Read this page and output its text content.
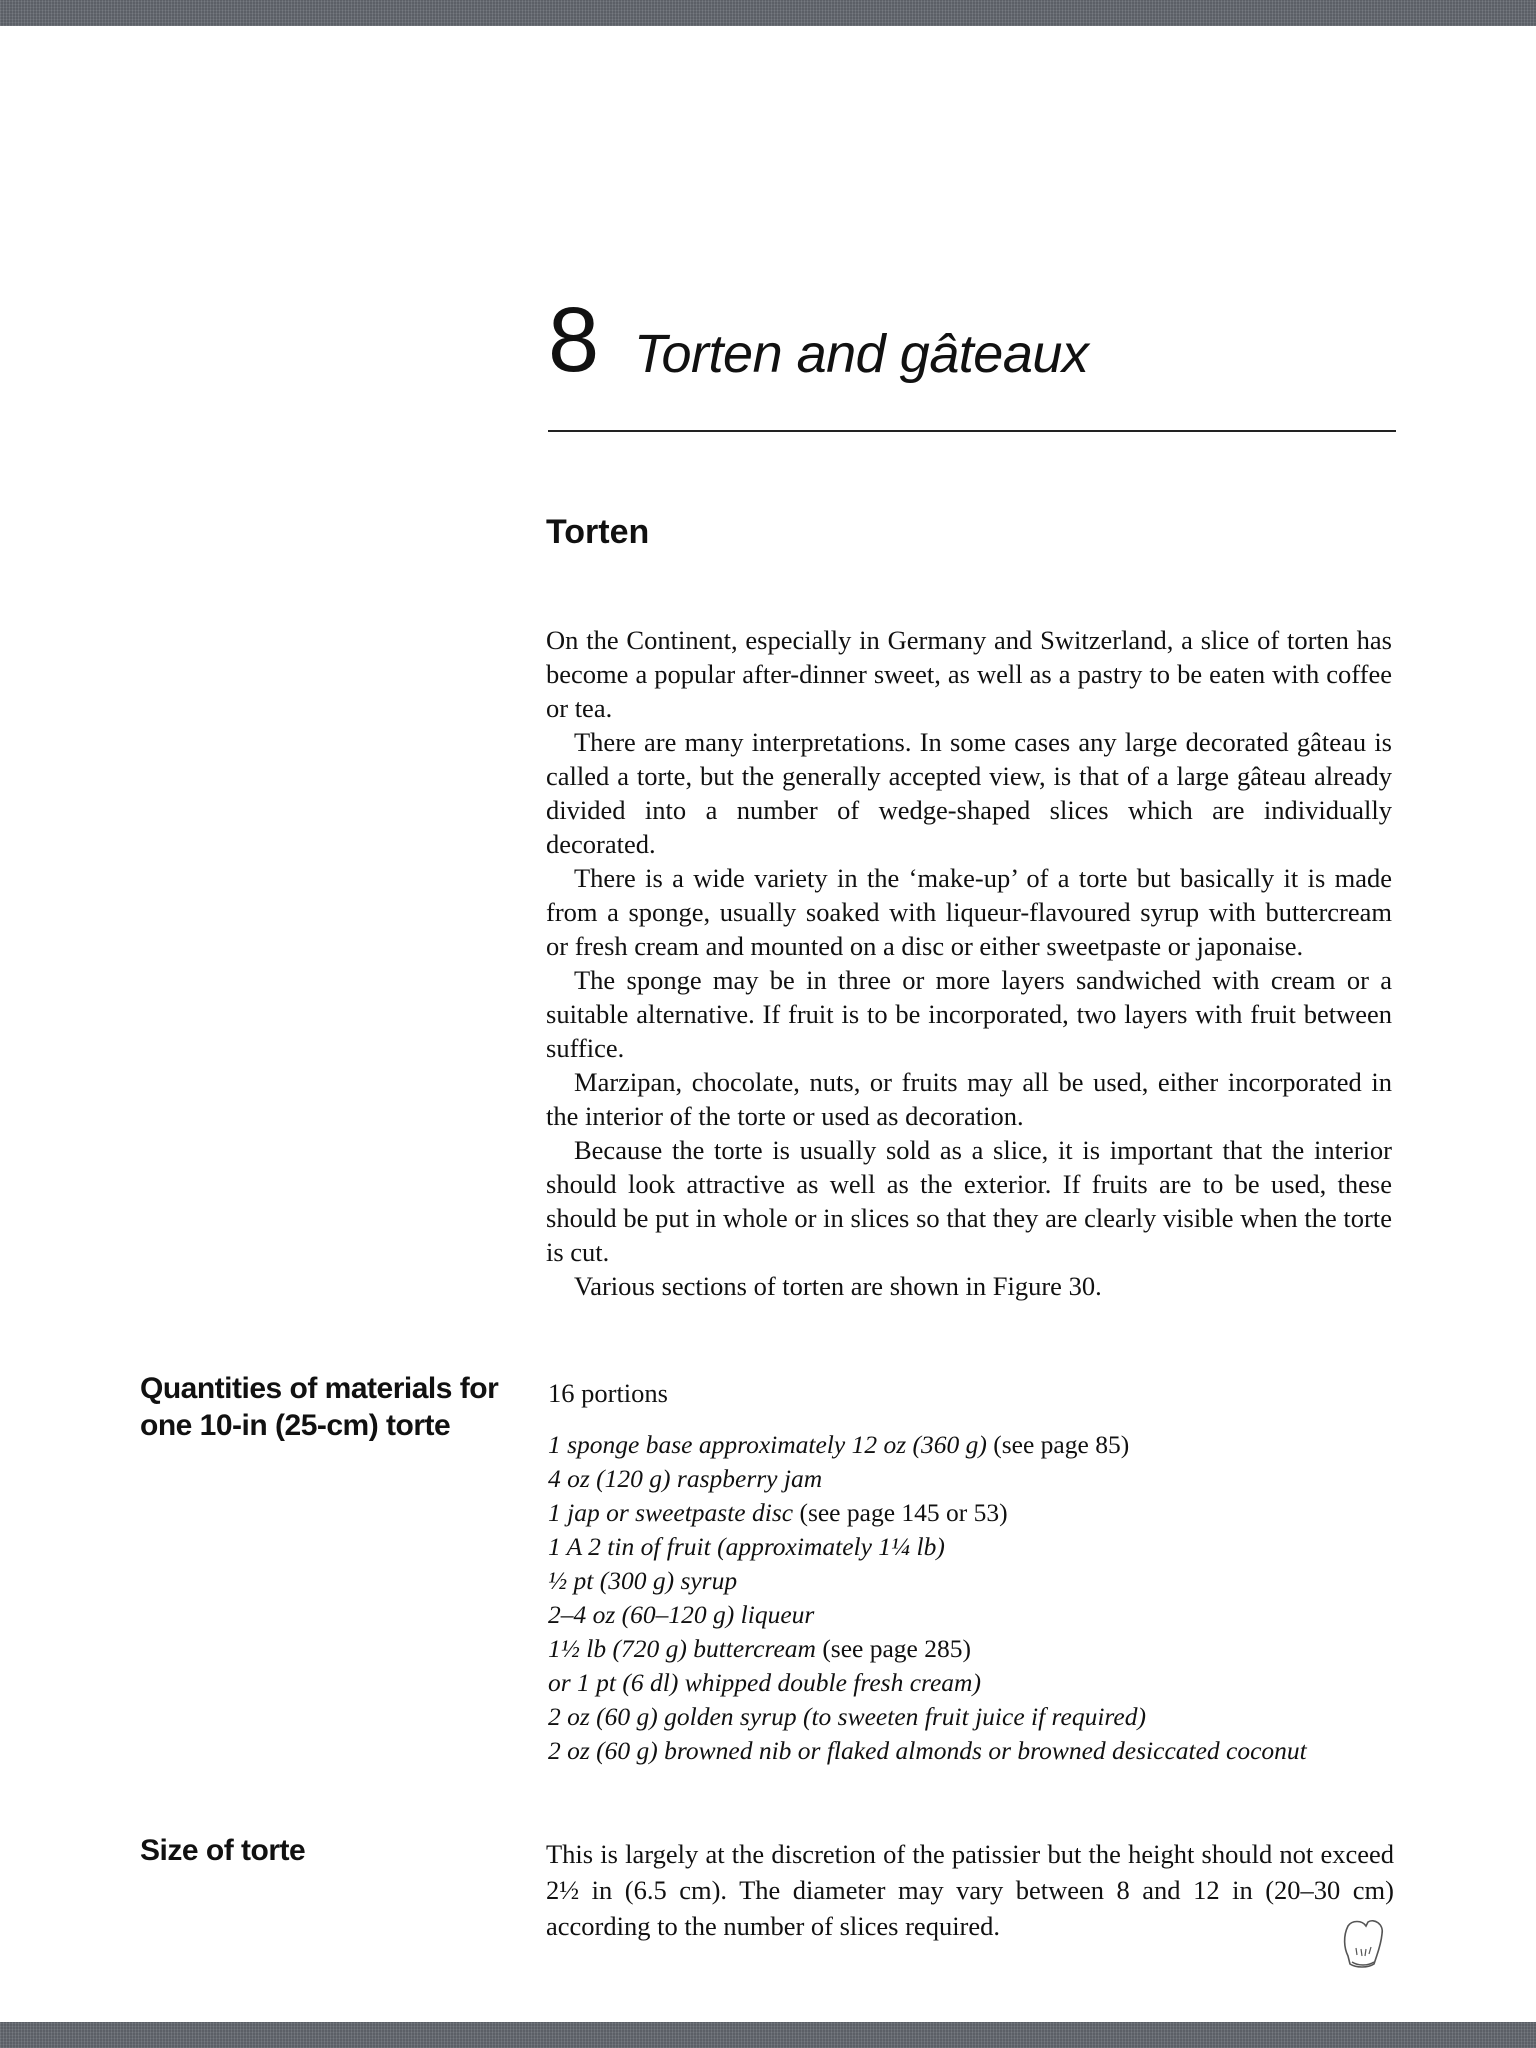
8 Torten and gâteaux
Torten

On the Continent, especially in Germany and Switzerland, a slice of torten has become a popular after-dinner sweet, as well as a pastry to be eaten with coffee or tea.

There are many interpretations. In some cases any large decorated gâteau is called a torte, but the generally accepted view, is that of a large gâteau already divided into a number of wedge-shaped slices which are individually decorated.

There is a wide variety in the ‘make-up’ of a torte but basically it is made from a sponge, usually soaked with liqueur-flavoured syrup with buttercream or fresh cream and mounted on a disc or either sweetpaste or japonaise.

The sponge may be in three or more layers sandwiched with cream or a suitable alternative. If fruit is to be incorporated, two layers with fruit between suffice.

Marzipan, chocolate, nuts, or fruits may all be used, either incorporated in the interior of the torte or used as decoration.

Because the torte is usually sold as a slice, it is important that the interior should look attractive as well as the exterior. If fruits are to be used, these should be put in whole or in slices so that they are clearly visible when the torte is cut.

Various sections of torten are shown in Figure 30.

Quantities of materials for one 10-in (25-cm) torte
16 portions
1 sponge base approximately 12 oz (360 g) (see page 85)
4 oz (120 g) raspberry jam
1 jap or sweetpaste disc (see page 145 or 53)
1 A 2 tin of fruit (approximately 1¼ lb)
½ pt (300 g) syrup
2–4 oz (60–120 g) liqueur
1½ lb (720 g) buttercream (see page 285)
or 1 pt (6 dl) whipped double fresh cream)
2 oz (60 g) golden syrup (to sweeten fruit juice if required)
2 oz (60 g) browned nib or flaked almonds or browned desiccated coconut
Size of torte	This is largely at the discretion of the patissier but the height should not exceed 2½ in (6.5 cm). The diameter may vary between 8 and 12 in (20–30 cm) according to the number of slices required.
